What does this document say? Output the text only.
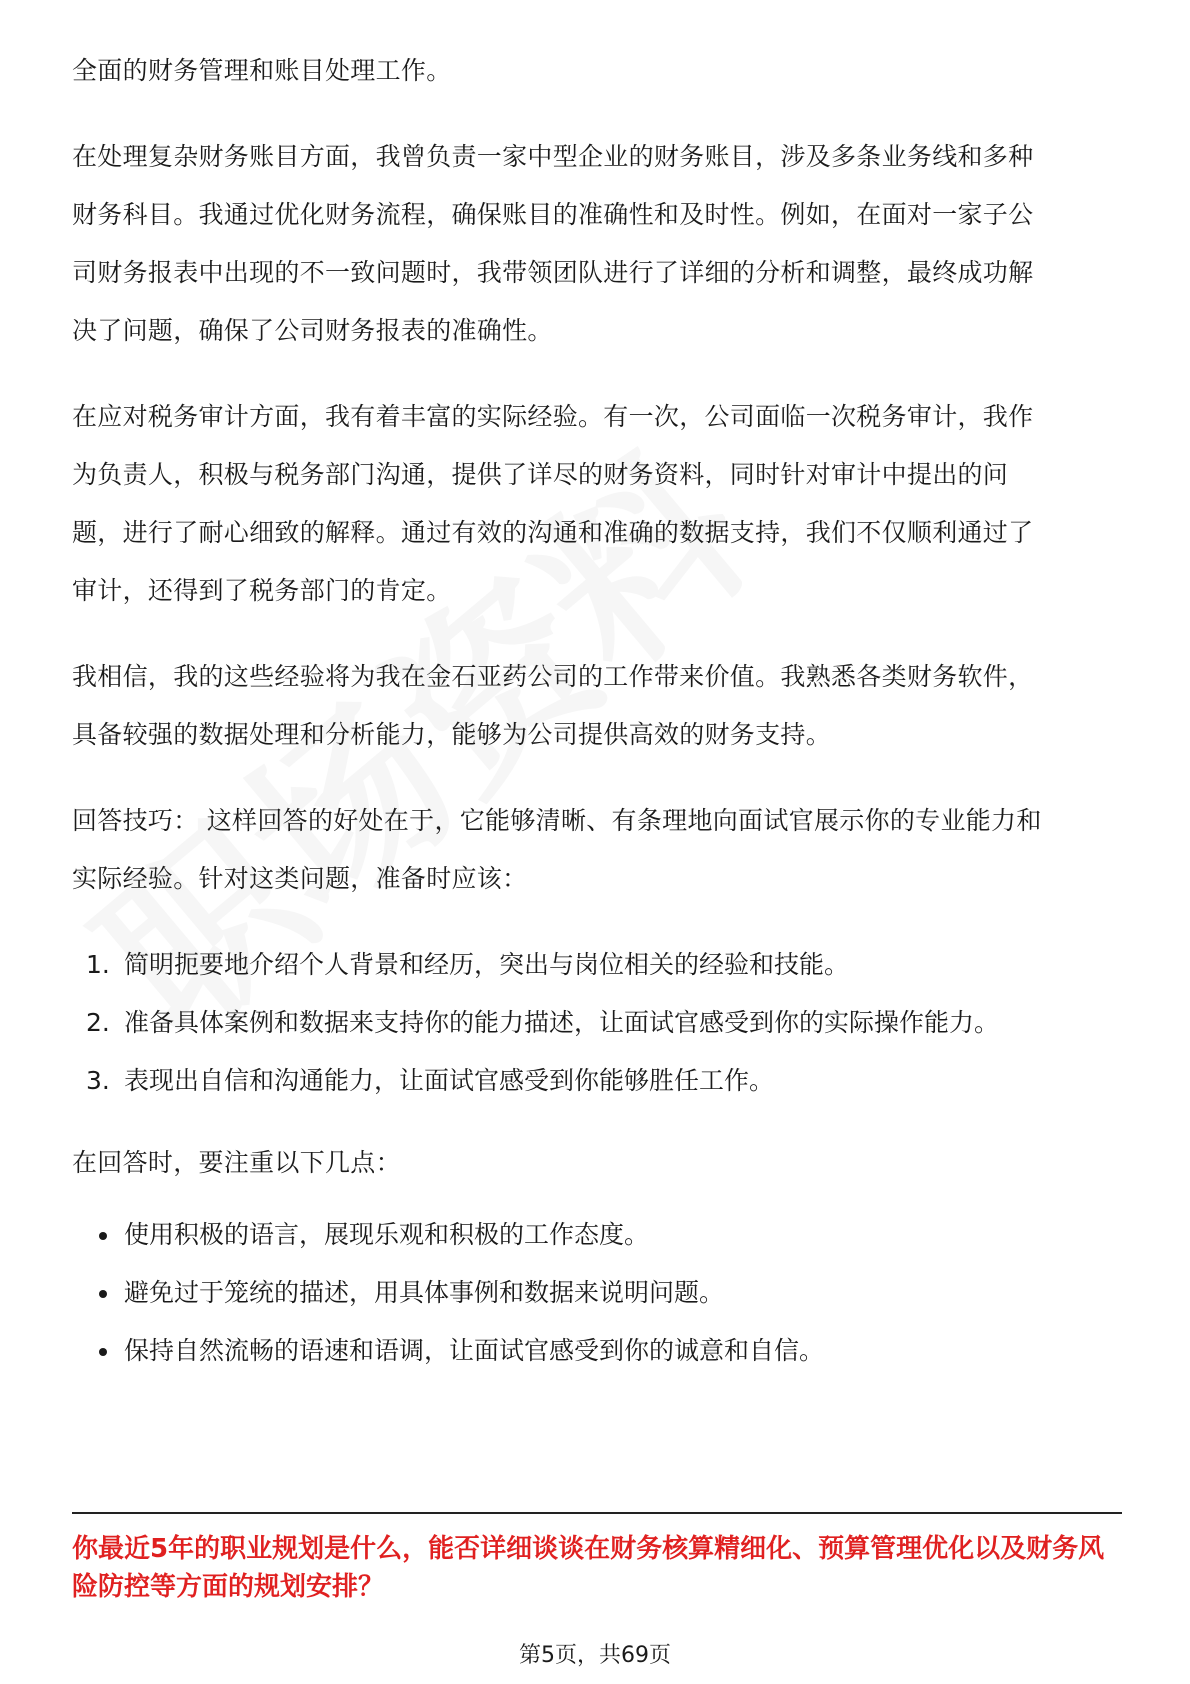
全面的财务管理和账目处理工作。

在处理复杂财务账目方面，我曾负责一家中型企业的财务账目，涉及多条业务线和多种财务科目。我通过优化财务流程，确保账目的准确性和及时性。例如，在面对一家子公司财务报表中出现的不一致问题时，我带领团队进行了详细的分析和调整，最终成功解决了问题，确保了公司财务报表的准确性。

在应对税务审计方面，我有着丰富的实际经验。有一次，公司面临一次税务审计，我作为负责人，积极与税务部门沟通，提供了详尽的财务资料，同时针对审计中提出的问题，进行了耐心细致的解释。通过有效的沟通和准确的数据支持，我们不仅顺利通过了审计，还得到了税务部门的肯定。

我相信，我的这些经验将为我在金石亚药公司的工作带来价值。我熟悉各类财务软件，具备较强的数据处理和分析能力，能够为公司提供高效的财务支持。

回答技巧： 这样回答的好处在于，它能够清晰、有条理地向面试官展示你的专业能力和实际经验。针对这类问题，准备时应该：

1. 简明扼要地介绍个人背景和经历，突出与岗位相关的经验和技能。
2. 准备具体案例和数据来支持你的能力描述，让面试官感受到你的实际操作能力。
3. 表现出自信和沟通能力，让面试官感受到你能够胜任工作。

在回答时，要注重以下几点：

使用积极的语言，展现乐观和积极的工作态度。
避免过于笼统的描述，用具体事例和数据来说明问题。
保持自然流畅的语速和语调，让面试官感受到你的诚意和自信。

你最近5年的职业规划是什么，能否详细谈谈在财务核算精细化、预算管理优化以及财务风险防控等方面的规划安排？

第5页，共69页
